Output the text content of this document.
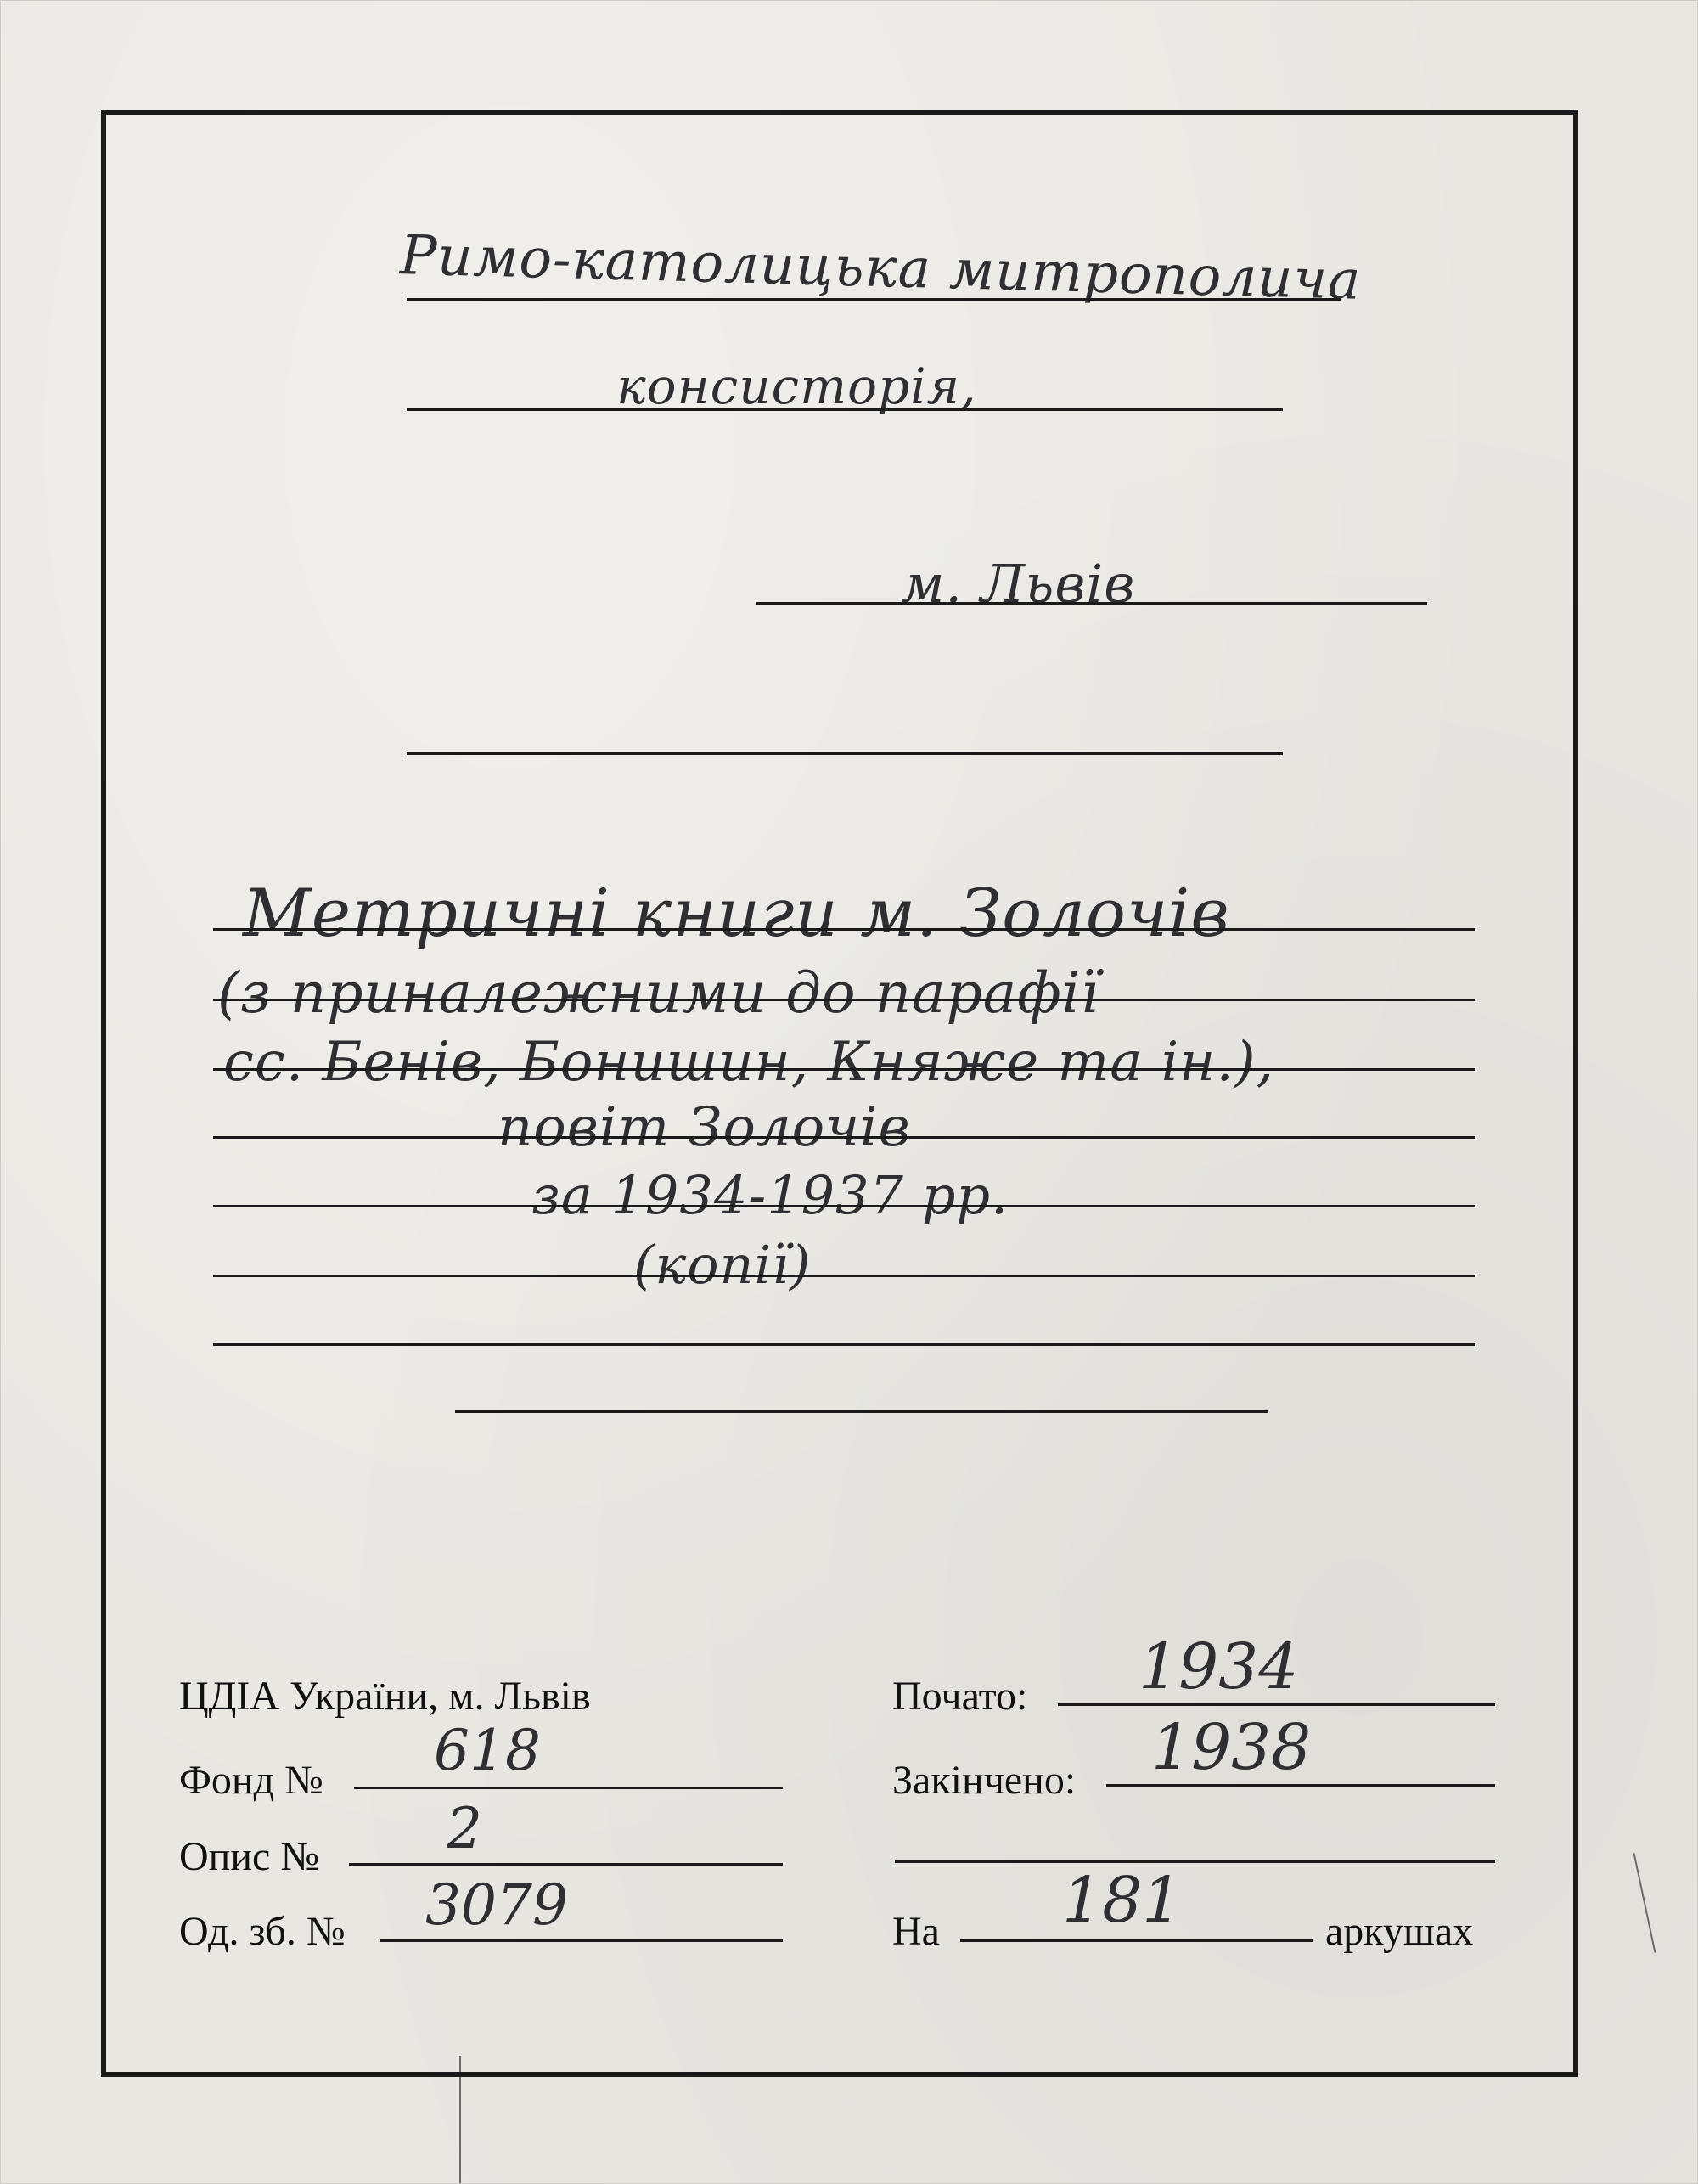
Римо-католицька митрополича
консисторія,
м. Львів
Метричні книги м. Золочів
(з приналежними до парафії
сс. Бенів, Бонишин, Княже та ін.),
повіт Золочів
за 1934-1937 рр.
(копії)
ЦДІА України, м. Львів
Фонд № 618
Опис № 2
Од. зб. № 3079
Почато: 1934
Закінчено: 1938
На 181	аркушах
